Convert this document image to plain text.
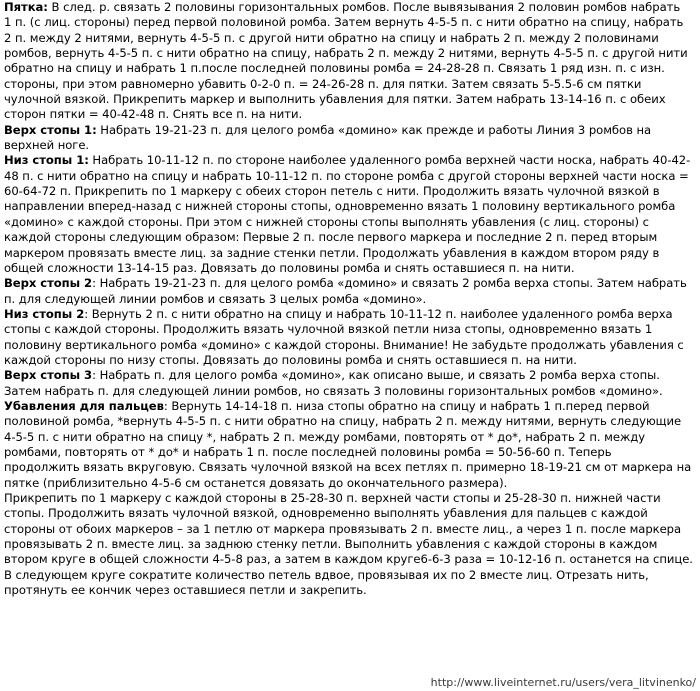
Пятка: В след. р. связать 2 половины горизонтальных ромбов. После вывязывания 2 половин ромбов набрать
1 п. (с лиц. стороны) перед первой половиной ромба. Затем вернуть 4-5-5 п. с нити обратно на спицу, набрать
2 п. между 2 нитями, вернуть 4-5-5 п. с другой нити обратно на спицу и набрать 2 п. между 2 половинами
ромбов, вернуть 4-5-5 п. с нити обратно на спицу, набрать 2 п. между 2 нитями, вернуть 4-5-5 п. с другой нити
обратно на спицу и набрать 1 п.после последней половины ромба = 24-28-28 п. Связать 1 ряд изн. п. с изн.
стороны, при этом равномерно убавить 0-2-0 п. = 24-26-28 п. для пятки. Затем связать 5-5.5-6 см пятки
чулочной вязкой. Прикрепить маркер и выполнить убавления для пятки. Затем набрать 13-14-16 п. с обеих
сторон пятки = 40-42-48 п. Снять все п. на нити.
Верх стопы 1: Набрать 19-21-23 п. для целого ромба «домино» как прежде и работы Линия 3 ромбов на
верхней ноге.
Низ стопы 1: Набрать 10-11-12 п. по стороне наиболее удаленного ромба верхней части носка, набрать 40-42-
48 п. с нити обратно на спицу и набрать 10-11-12 п. по стороне ромба с другой стороны верхней части носка =
60-64-72 п. Прикрепить по 1 маркеру с обеих сторон петель с нити. Продолжить вязать чулочной вязкой в
направлении вперед-назад с нижней стороны стопы, одновременно вязать 1 половину вертикального ромба
«домино» с каждой стороны. При этом с нижней стороны стопы выполнять убавления (с лиц. стороны) с
каждой стороны следующим образом: Первые 2 п. после первого маркера и последние 2 п. перед вторым
маркером провязать вместе лиц. за задние стенки петли. Продолжать убавления в каждом втором ряду в
общей сложности 13-14-15 раз. Довязать до половины ромба и снять оставшиеся п. на нити.
Верх стопы 2: Набрать 19-21-23 п. для целого ромба «домино» и связать 2 ромба верха стопы. Затем набрать
п. для следующей линии ромбов и связать 3 целых ромба «домино».
Низ стопы 2: Вернуть 2 п. с нити обратно на спицу и набрать 10-11-12 п. наиболее удаленного ромба верха
стопы с каждой стороны. Продолжить вязать чулочной вязкой петли низа стопы, одновременно вязать 1
половину вертикального ромба «домино» с каждой стороны. Внимание! Не забудьте продолжать убавления с
каждой стороны по низу стопы. Довязать до половины ромба и снять оставшиеся п. на нити.
Верх стопы 3: Набрать п. для целого ромба «домино», как описано выше, и связать 2 ромба верха стопы.
Затем набрать п. для следующей линии ромбов, но связать 3 половины горизонтальных ромбов «домино».
Убавления для пальцев: Вернуть 14-14-18 п. низа стопы обратно на спицу и набрать 1 п.перед первой
половиной ромба, *вернуть 4-5-5 п. с нити обратно на спицу, набрать 2 п. между нитями, вернуть следующие
4-5-5 п. с нити обратно на спицу *, набрать 2 п. между ромбами, повторять от * до*, набрать 2 п. между
ромбами, повторять от * до* и набрать 1 п. после последней половины ромба = 50-56-60 п. Теперь
продолжить вязать вкруговую. Связать чулочной вязкой на всех петлях п. примерно 18-19-21 см от маркера на
пятке (приблизительно 4-5-6 см останется довязать до окончательного размера).
Прикрепить по 1 маркеру с каждой стороны в 25-28-30 п. верхней части стопы и 25-28-30 п. нижней части
стопы. Продолжить вязать чулочной вязкой, одновременно выполнять убавления для пальцев с каждой
стороны от обоих маркеров – за 1 петлю от маркера провязывать 2 п. вместе лиц., а через 1 п. после маркера
провязывать 2 п. вместе лиц. за заднюю стенку петли. Выполнить убавления с каждой стороны в каждом
втором круге в общей сложности 4-5-8 раз, а затем в каждом круге6-6-3 раза = 10-12-16 п. останется на спице.
В следующем круге сократите количество петель вдвое, провязывая их по 2 вместе лиц. Отрезать нить,
протянуть ее кончик через оставшиеся петли и закрепить.
http://www.liveinternet.ru/users/vera_litvinenko/
